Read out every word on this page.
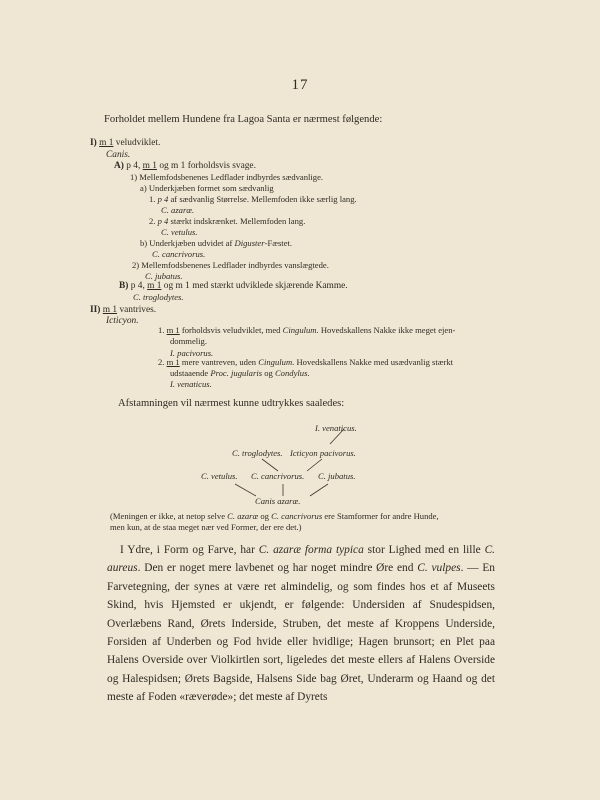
17
Forholdet mellem Hundene fra Lagoa Santa er nærmest følgende:
I) m 1 veludviklet.
Canis.
A) p 4, m 1 og m 1 forholdsvis svage.
1) Mellemfodsbenenes Ledflader indbyrdes sædvanlige.
a) Underkjæben formet som sædvanlig
1. p 4 af sædvanlig Størrelse. Mellemfoden ikke særlig lang.
C. azaræ.
2. p 4 stærkt indskrænket. Mellemfoden lang.
C. vetulus.
b) Underkjæben udvidet af Diguster-Fæstet.
C. cancrivorus.
2) Mellemfodsbenenes Ledflader indbyrdes vanslægtede.
C. jubatus.
B) p 4, m 1 og m 1 med stærkt udviklede skjærende Kamme.
C. troglodytes.
II) m 1 vantrives.
Icticyon.
1. m 1 forholdsvis veludviklet, med Cingulum. Hovedskallens Nakke ikke meget ejen-
dommelig.
I. pacivorus.
2. m 1 mere vantreven, uden Cingulum. Hovedskallens Nakke med usædvanlig stærkt
udstaaende Proc. jugularis og Condylus.
I. venaticus.
Afstamningen vil nærmest kunne udtrykkes saaledes:
I. venaticus.
C. troglodytes. Icticyon pacivorus.
C. vetulus. C. cancrivorus. C. jubatus.
Canis azaræ.
(Meningen er ikke, at netop selve C. azaræ og C. cancrivorus ere Stamformer for andre Hunde,
men kun, at de staa meget nær ved Former, der ere det.)

I Ydre, i Form og Farve, har C. azaræ forma typica stor Lighed med en lille C. aureus. Den er noget mere lavbenet og har noget mindre Øre end C. vulpes. — En Farvetegning, der synes at være ret almindelig, og som findes hos et af Museets Skind, hvis Hjemsted er ukjendt, er følgende: Undersiden af Snudespidsen, Overlæbens Rand, Ørets Inderside, Struben, det meste af Kroppens Underside, Forsiden af Underben og Fod hvide eller hvidlige; Hagen brunsort; en Plet paa Halens Overside over Violkirtlen sort, ligeledes det meste ellers af Halens Overside og Halespidsen; Ørets Bagside, Halsens Side bag Øret, Underarm og Haand og det meste af Foden «ræverøde»; det meste af Dyrets
